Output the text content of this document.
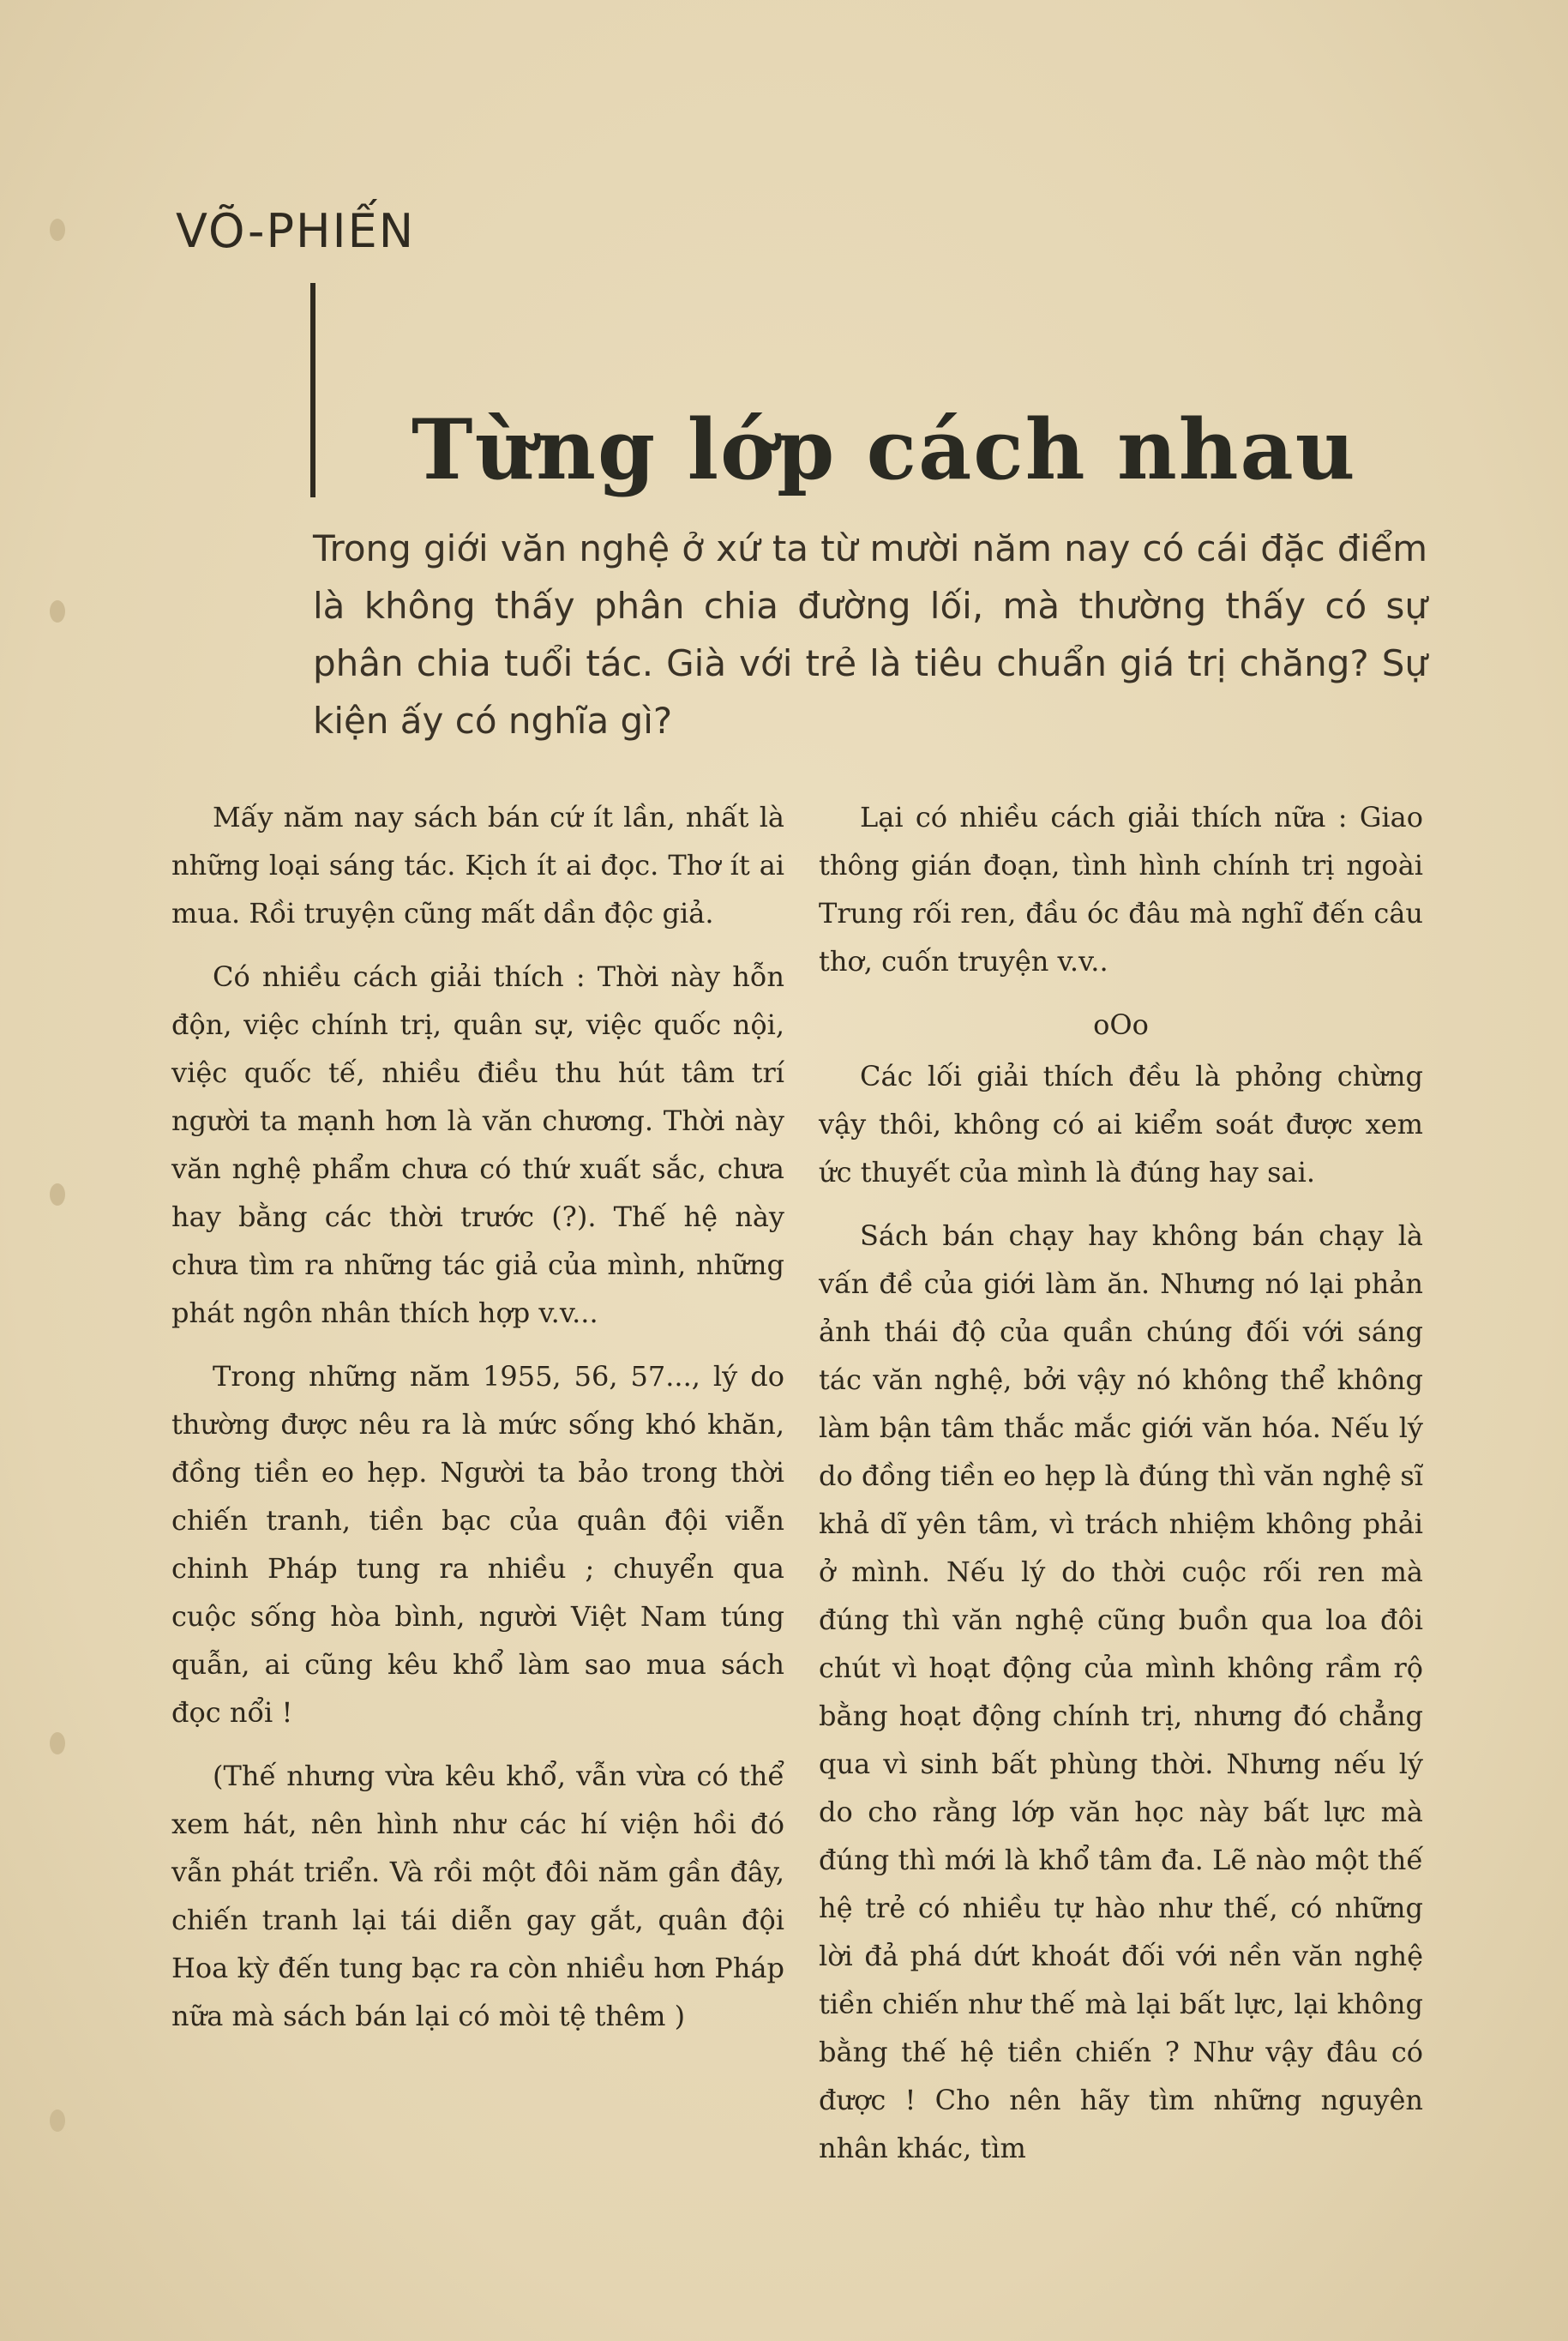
VÕ-PHIẾN
Từng lớp cách nhau
Trong giới văn nghệ ở xứ ta từ mười năm nay có cái đặc điểm là không thấy phân chia đường lối, mà thường thấy có sự phân chia tuổi tác. Già với trẻ là tiêu chuẩn giá trị chăng? Sự kiện ấy có nghĩa gì?

Mấy năm nay sách bán cứ ít lần, nhất là những loại sáng tác. Kịch ít ai đọc. Thơ ít ai mua. Rồi truyện cũng mất dần độc giả.

Có nhiều cách giải thích : Thời này hỗn độn, việc chính trị, quân sự, việc quốc nội, việc quốc tế, nhiều điều thu hút tâm trí người ta mạnh hơn là văn chương. Thời này văn nghệ phẩm chưa có thứ xuất sắc, chưa hay bằng các thời trước (?). Thế hệ này chưa tìm ra những tác giả của mình, những phát ngôn nhân thích hợp v.v...

Trong những năm 1955, 56, 57..., lý do thường được nêu ra là mức sống khó khăn, đồng tiền eo hẹp. Người ta bảo trong thời chiến tranh, tiền bạc của quân đội viễn chinh Pháp tung ra nhiều ; chuyển qua cuộc sống hòa bình, người Việt Nam túng quẫn, ai cũng kêu khổ làm sao mua sách đọc nổi !

(Thế nhưng vừa kêu khổ, vẫn vừa có thể xem hát, nên hình như các hí viện hồi đó vẫn phát triển. Và rồi một đôi năm gần đây, chiến tranh lại tái diễn gay gắt, quân đội Hoa kỳ đến tung bạc ra còn nhiều hơn Pháp nữa mà sách bán lại có mòi tệ thêm )

Lại có nhiều cách giải thích nữa : Giao thông gián đoạn, tình hình chính trị ngoài Trung rối ren, đầu óc đâu mà nghĩ đến câu thơ, cuốn truyện v.v..

oOo

Các lối giải thích đều là phỏng chừng vậy thôi, không có ai kiểm soát được xem ức thuyết của mình là đúng hay sai.

Sách bán chạy hay không bán chạy là vấn đề của giới làm ăn. Nhưng nó lại phản ảnh thái độ của quần chúng đối với sáng tác văn nghệ, bởi vậy nó không thể không làm bận tâm thắc mắc giới văn hóa. Nếu lý do đồng tiền eo hẹp là đúng thì văn nghệ sĩ khả dĩ yên tâm, vì trách nhiệm không phải ở mình. Nếu lý do thời cuộc rối ren mà đúng thì văn nghệ cũng buồn qua loa đôi chút vì hoạt động của mình không rầm rộ bằng hoạt động chính trị, nhưng đó chẳng qua vì sinh bất phùng thời. Nhưng nếu lý do cho rằng lớp văn học này bất lực mà đúng thì mới là khổ tâm đa. Lẽ nào một thế hệ trẻ có nhiều tự hào như thế, có những lời đả phá dứt khoát đối với nền văn nghệ tiền chiến như thế mà lại bất lực, lại không bằng thế hệ tiền chiến ? Như vậy đâu có được ! Cho nên hãy tìm những nguyên nhân khác, tìm
